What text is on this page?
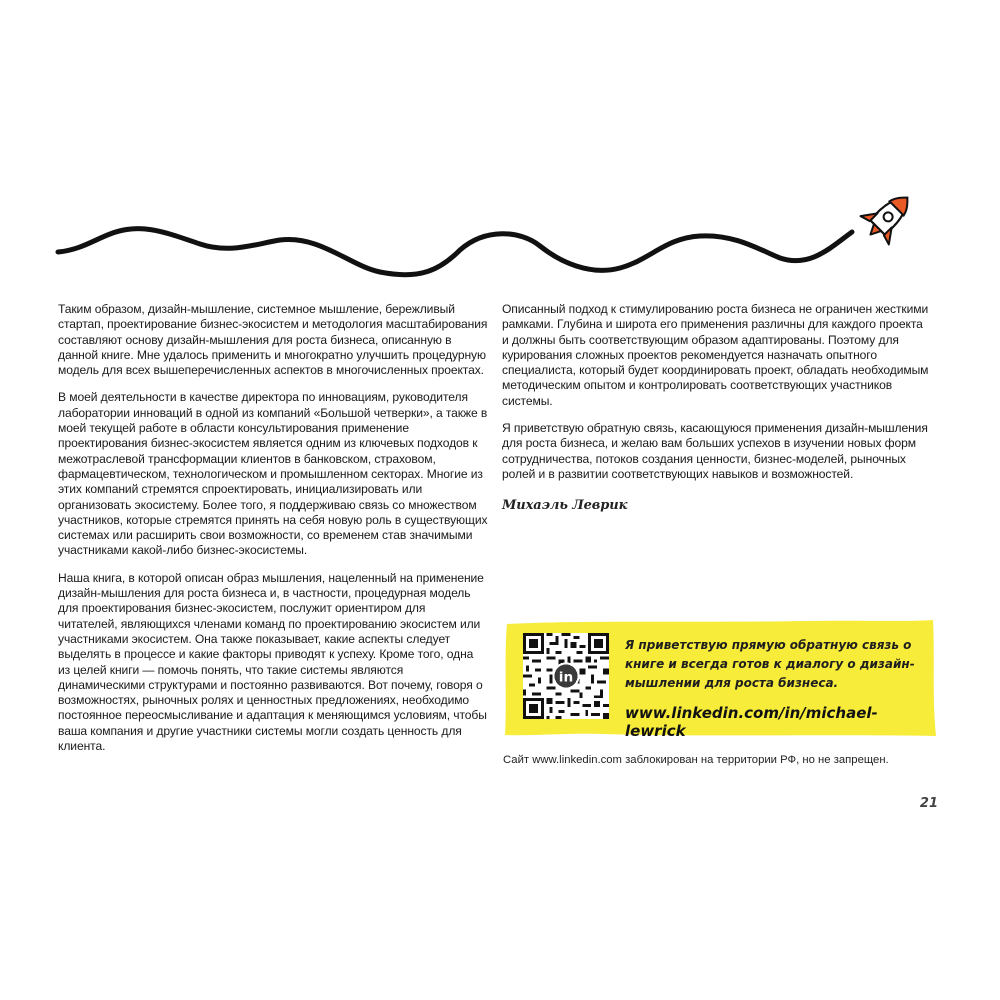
Таким образом, дизайн-мышление, системное мышление, бережливый стартап, проектирование бизнес-экосистем и методология масштабирования составляют основу дизайн-мышления для роста бизнеса, описанную в данной книге. Мне удалось применить и многократно улучшить процедурную модель для всех вышеперечисленных аспектов в многочисленных проектах.

В моей деятельности в качестве директора по инновациям, руководителя лаборатории инноваций в одной из компаний «Большой четверки», а также в моей текущей работе в области консультирования применение проектирования бизнес-экосистем является одним из ключевых подходов к межотраслевой трансформации клиентов в банковском, страховом, фармацевтическом, технологическом и промышленном секторах. Многие из этих компаний стремятся спроектировать, инициализировать или организовать экосистему. Более того, я поддерживаю связь со множеством участников, которые стремятся принять на себя новую роль в существующих системах или расширить свои возможности, со временем став значимыми участниками какой-либо бизнес-экосистемы.

Наша книга, в которой описан образ мышления, нацеленный на применение дизайн-мышления для роста бизнеса и, в частности, процедурная модель для проектирования бизнес-экосистем, послужит ориентиром для читателей, являющихся членами команд по проектированию экосистем или участниками экосистем. Она также показывает, какие аспекты следует выделять в процессе и какие факторы приводят к успеху. Кроме того, одна из целей книги — помочь понять, что такие системы являются динамическими структурами и постоянно развиваются. Вот почему, говоря о возможностях, рыночных ролях и ценностных предложениях, необходимо постоянное переосмысливание и адаптация к меняющимся условиям, чтобы ваша компания и другие участники системы могли создать ценность для клиента.

Описанный подход к стимулированию роста бизнеса не ограничен жесткими рамками. Глубина и широта его применения различны для каждого проекта и должны быть соответствующим образом адаптированы. Поэтому для курирования сложных проектов рекомендуется назначать опытного специалиста, который будет координировать проект, обладать необходимым методическим опытом и контролировать соответствующих участников системы.

Я приветствую обратную связь, касающуюся применения дизайн-мышления для роста бизнеса, и желаю вам больших успехов в изучении новых форм сотрудничества, потоков создания ценности, бизнес-моделей, рыночных ролей и в развитии соответствующих навыков и возможностей.

Михаэль Леврик
in
Я приветствую прямую обратную связь о книге и всегда готов к диалогу о дизайн-мышлении для роста бизнеса.
www.linkedin.com/in/michael-lewrick
Сайт www.linkedin.com заблокирован на территории РФ, но не запрещен.
21
